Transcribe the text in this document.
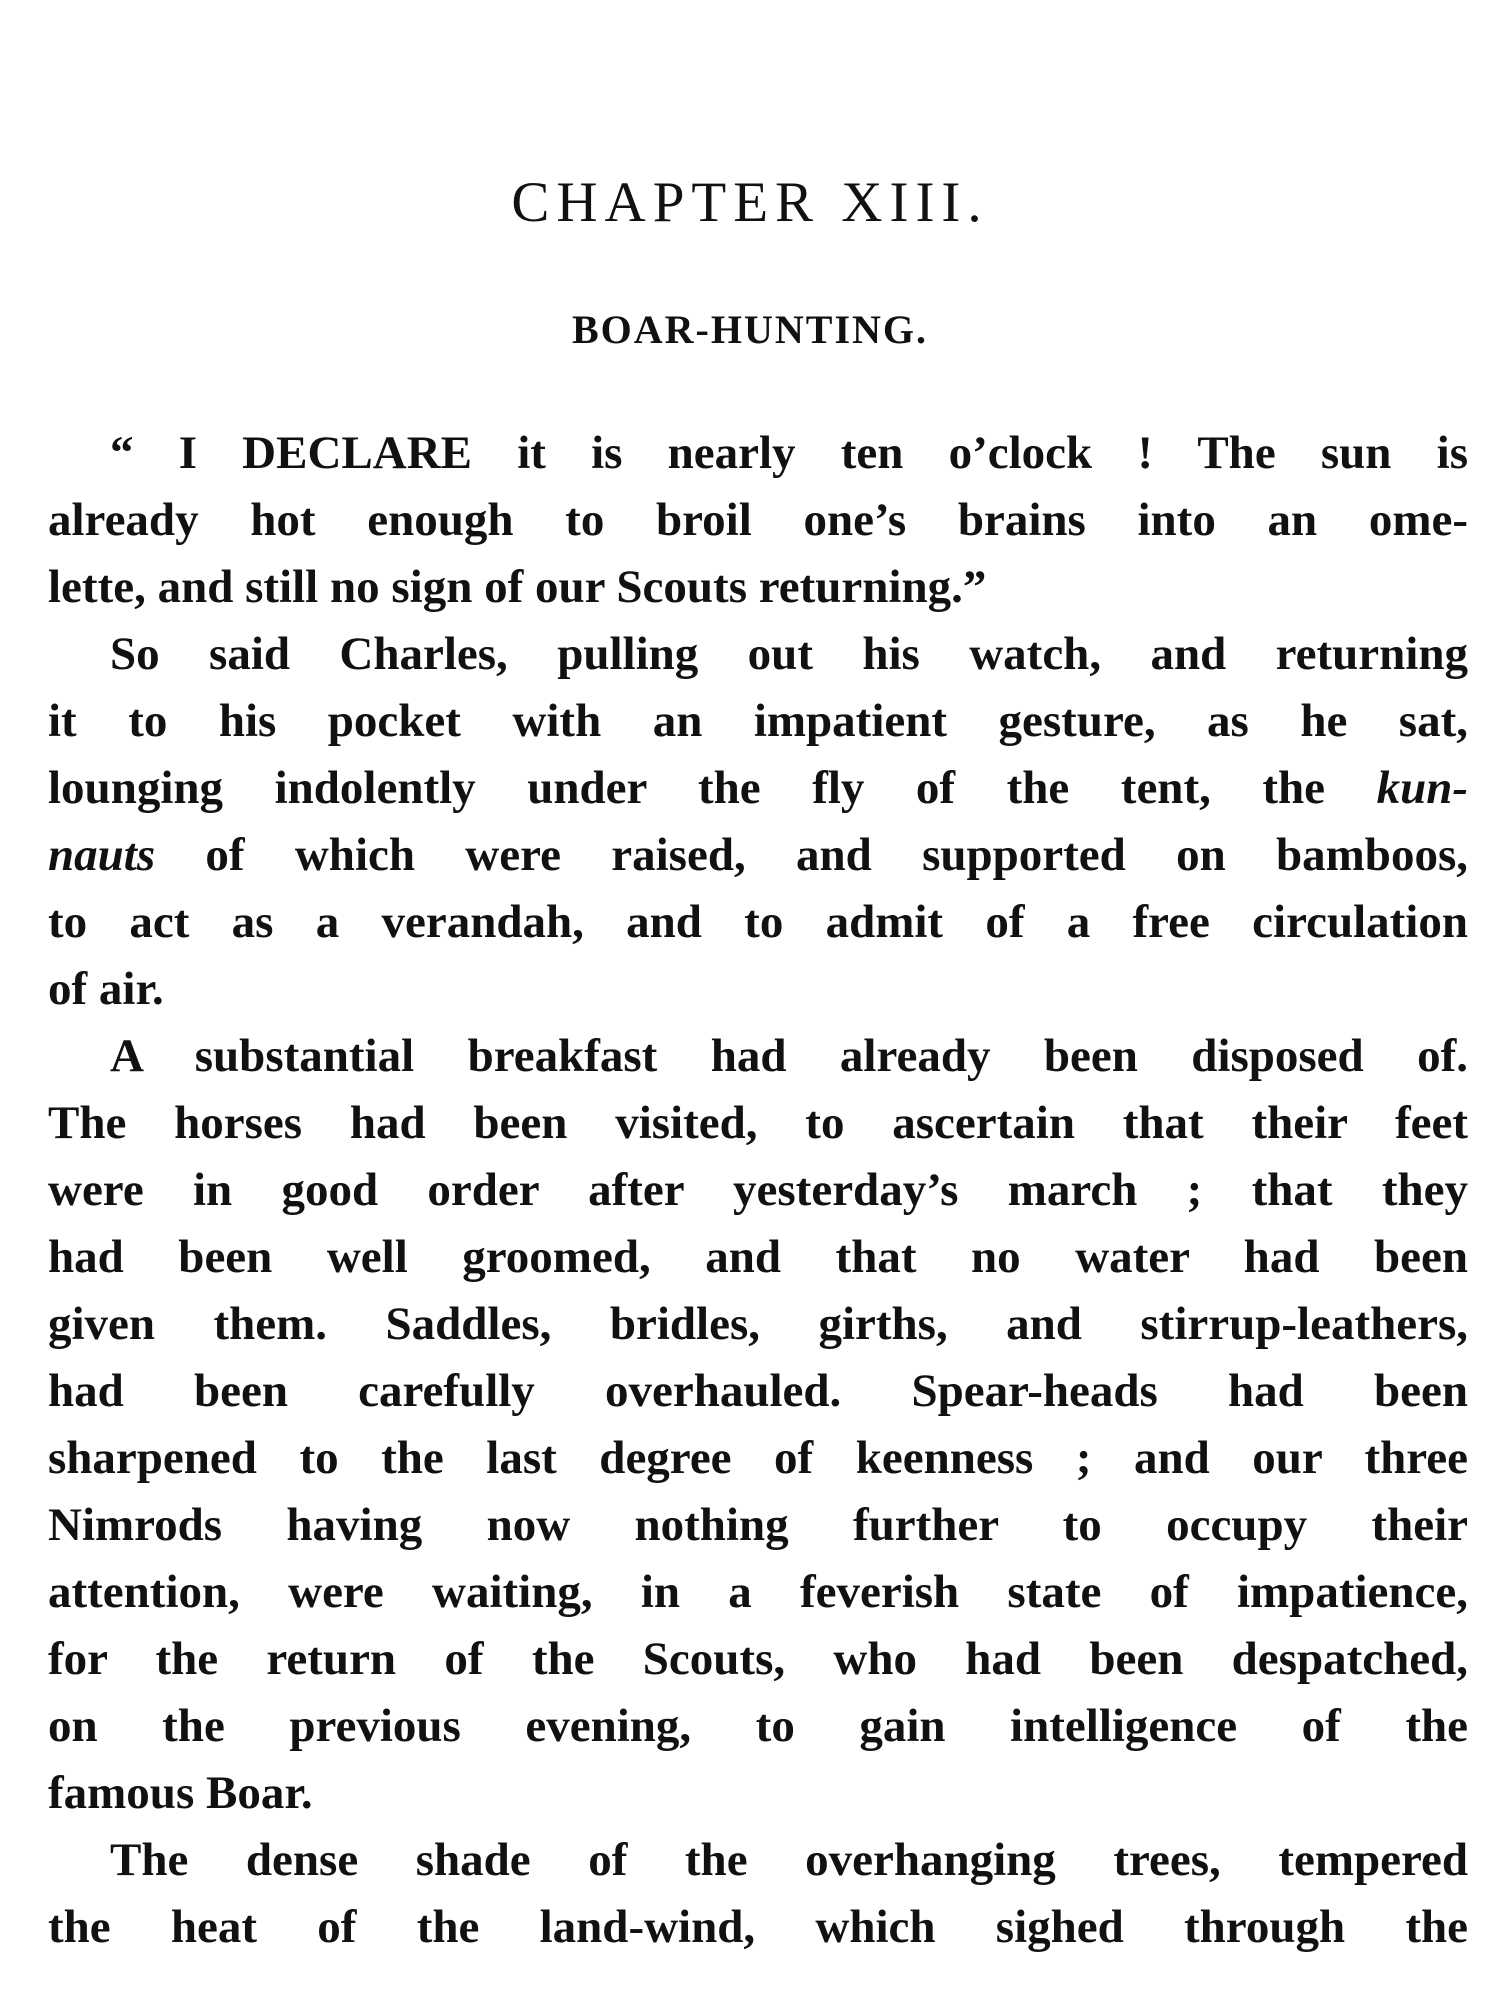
CHAPTER XIII.
BOAR-HUNTING.
“ I DECLARE it is nearly ten o’clock ! The sun is
already hot enough to broil one’s brains into an ome-
lette, and still no sign of our Scouts returning.”
So said Charles, pulling out his watch, and returning
it to his pocket with an impatient gesture, as he sat,
lounging indolently under the fly of the tent, the kun-
nauts of which were raised, and supported on bamboos,
to act as a verandah, and to admit of a free circulation
of air.
A substantial breakfast had already been disposed of.
The horses had been visited, to ascertain that their feet
were in good order after yesterday’s march ; that they
had been well groomed, and that no water had been
given them. Saddles, bridles, girths, and stirrup-leathers,
had been carefully overhauled. Spear-heads had been
sharpened to the last degree of keenness ; and our three
Nimrods having now nothing further to occupy their
attention, were waiting, in a feverish state of impatience,
for the return of the Scouts, who had been despatched,
on the previous evening, to gain intelligence of the
famous Boar.
The dense shade of the overhanging trees, tempered
the heat of the land-wind, which sighed through the
